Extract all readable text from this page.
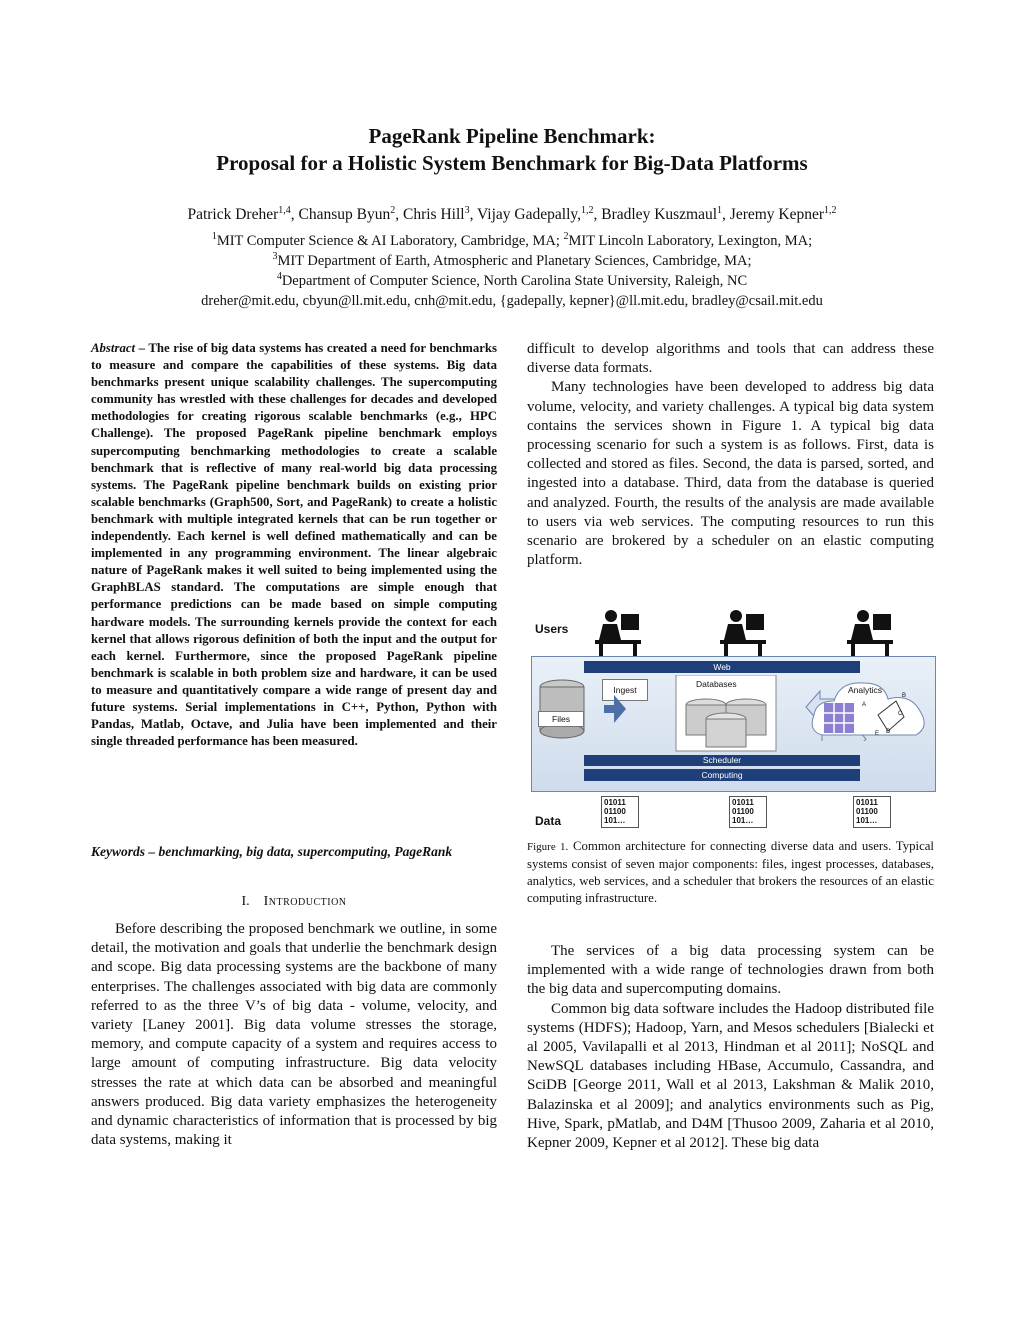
PageRank Pipeline Benchmark:
Proposal for a Holistic System Benchmark for Big-Data Platforms
Patrick Dreher$^{1,4}$, Chansup Byun$^2$, Chris Hill$^3$, Vijay Gadepally,$^{1,2}$, Bradley Kuszmaul$^1$, Jeremy Kepner$^{1,2}$
$^1$MIT Computer Science & AI Laboratory, Cambridge, MA; $^2$MIT Lincoln Laboratory, Lexington, MA;
$^3$MIT Department of Earth, Atmospheric and Planetary Sciences, Cambridge, MA;
$^4$Department of Computer Science, North Carolina State University, Raleigh, NC
dreher@mit.edu, cbyun@ll.mit.edu, cnh@mit.edu, {gadepally, kepner}@ll.mit.edu, bradley@csail.mit.edu
Abstract – The rise of big data systems has created a need for benchmarks to measure and compare the capabilities of these systems. Big data benchmarks present unique scalability challenges. The supercomputing community has wrestled with these challenges for decades and developed methodologies for creating rigorous scalable benchmarks (e.g., HPC Challenge). The proposed PageRank pipeline benchmark employs supercomputing benchmarking methodologies to create a scalable benchmark that is reflective of many real-world big data processing systems. The PageRank pipeline benchmark builds on existing prior scalable benchmarks (Graph500, Sort, and PageRank) to create a holistic benchmark with multiple integrated kernels that can be run together or independently. Each kernel is well defined mathematically and can be implemented in any programming environment. The linear algebraic nature of PageRank makes it well suited to being implemented using the GraphBLAS standard. The computations are simple enough that performance predictions can be made based on simple computing hardware models. The surrounding kernels provide the context for each kernel that allows rigorous definition of both the input and the output for each kernel. Furthermore, since the proposed PageRank pipeline benchmark is scalable in both problem size and hardware, it can be used to measure and quantitatively compare a wide range of present day and future systems. Serial implementations in C++, Python, Python with Pandas, Matlab, Octave, and Julia have been implemented and their single threaded performance has been measured.
Keywords – benchmarking, big data, supercomputing, PageRank
I. Introduction

Before describing the proposed benchmark we outline, in some detail, the motivation and goals that underlie the benchmark design and scope. Big data processing systems are the backbone of many enterprises. The challenges associated with big data are commonly referred to as the three V’s of big data - volume, velocity, and variety [Laney 2001]. Big data volume stresses the storage, memory, and compute capacity of a system and requires access to large amount of computing infrastructure. Big data velocity stresses the rate at which data can be absorbed and meaningful answers produced. Big data variety emphasizes the heterogeneity and dynamic characteristics of information that is processed by big data systems, making it

difficult to develop algorithms and tools that can address these diverse data formats.

Many technologies have been developed to address big data volume, velocity, and variety challenges. A typical big data system contains the services shown in Figure 1. A typical big data processing scenario for such a system is as follows. First, data is collected and stored as files. Second, the data is parsed, sorted, and ingested into a database. Third, data from the database is queried and analyzed. Fourth, the results of the analysis are made available to users via web services. The computing resources to run this scenario are brokered by a scheduler on an elastic computing platform.

Users
Data
Web
Files
Ingest
Databases
Analytics
A
B
C
D
E
Scheduler
Computing
01011
01100
101…
01011
01100
101…
01011
01100
101…
Figure 1. Common architecture for connecting diverse data and users. Typical systems consist of seven major components: files, ingest processes, databases, analytics, web services, and a scheduler that brokers the resources of an elastic computing infrastructure.

The services of a big data processing system can be implemented with a wide range of technologies drawn from both the big data and supercomputing domains.

Common big data software includes the Hadoop distributed file systems (HDFS); Hadoop, Yarn, and Mesos schedulers [Bialecki et al 2005, Vavilapalli et al 2013, Hindman et al 2011]; NoSQL and NewSQL databases including HBase, Accumulo, Cassandra, and SciDB [George 2011, Wall et al 2013, Lakshman & Malik 2010, Balazinska et al 2009]; and analytics environments such as Pig, Hive, Spark, pMatlab, and D4M [Thusoo 2009, Zaharia et al 2010, Kepner 2009, Kepner et al 2012]. These big data
